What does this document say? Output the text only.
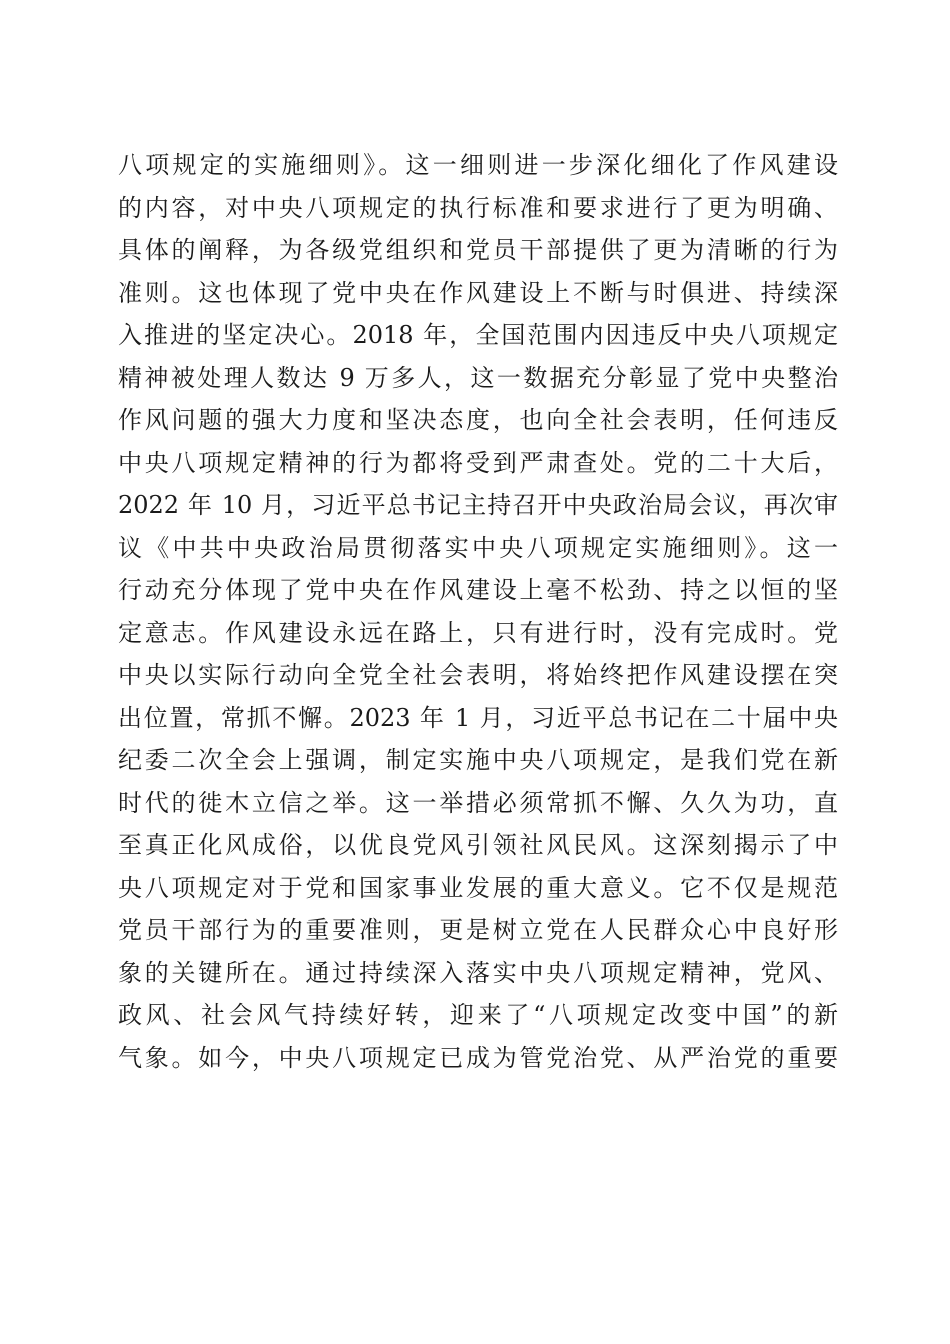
八项规定的实施细则》。这一细则进一步深化细化了作风建设
的内容，对中央八项规定的执行标准和要求进行了更为明确、
具体的阐释，为各级党组织和党员干部提供了更为清晰的行为
准则。这也体现了党中央在作风建设上不断与时俱进、持续深
入推进的坚定决心。2018 年，全国范围内因违反中央八项规定
精神被处理人数达 9 万多人，这一数据充分彰显了党中央整治
作风问题的强大力度和坚决态度，也向全社会表明，任何违反
中央八项规定精神的行为都将受到严肃查处。党的二十大后，
2022 年 10 月，习近平总书记主持召开中央政治局会议，再次审
议《中共中央政治局贯彻落实中央八项规定实施细则》。这一
行动充分体现了党中央在作风建设上毫不松劲、持之以恒的坚
定意志。作风建设永远在路上，只有进行时，没有完成时。党
中央以实际行动向全党全社会表明，将始终把作风建设摆在突
出位置，常抓不懈。2023 年 1 月，习近平总书记在二十届中央
纪委二次全会上强调，制定实施中央八项规定，是我们党在新
时代的徙木立信之举。这一举措必须常抓不懈、久久为功，直
至真正化风成俗，以优良党风引领社风民风。这深刻揭示了中
央八项规定对于党和国家事业发展的重大意义。它不仅是规范
党员干部行为的重要准则，更是树立党在人民群众心中良好形
象的关键所在。通过持续深入落实中央八项规定精神，党风、
政风、社会风气持续好转，迎来了“八项规定改变中国”的新
气象。如今，中央八项规定已成为管党治党、从严治党的重要
